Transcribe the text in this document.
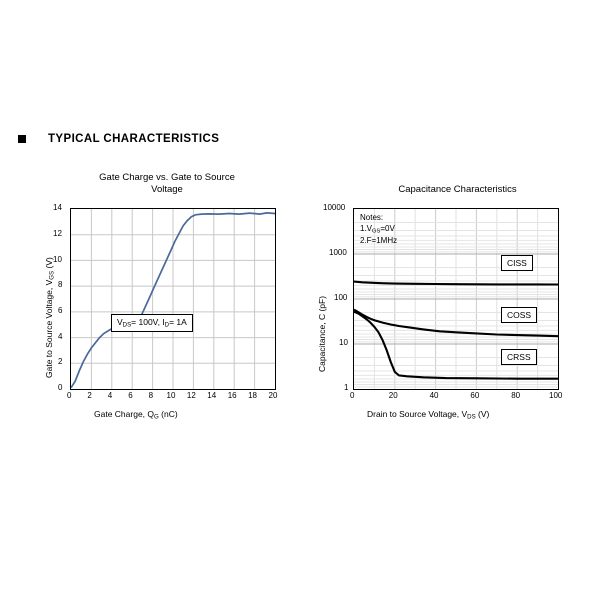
TYPICAL CHARACTERISTICS
Gate Charge vs. Gate to Source
Voltage
$V_{DS}= 100V$, $I_D= 1A$
0
2
4
6
8
10
12
14
0 2 4 6 8 10 12 14 16 18 20
Gate Charge, $Q_G$ (nC)
Gate to Source Voltage, $V_{GS}$ (V)
Capacitance Characteristics
CISS
COSS
CRSS
Notes:
$1.V_{GS}=0V$
2.F=1MHz
10000
1000
100
10
1
0	20	40	60	80	100
Drain to Source Voltage, $V_{DS}$ (V)
Capacitance, C (pF)
